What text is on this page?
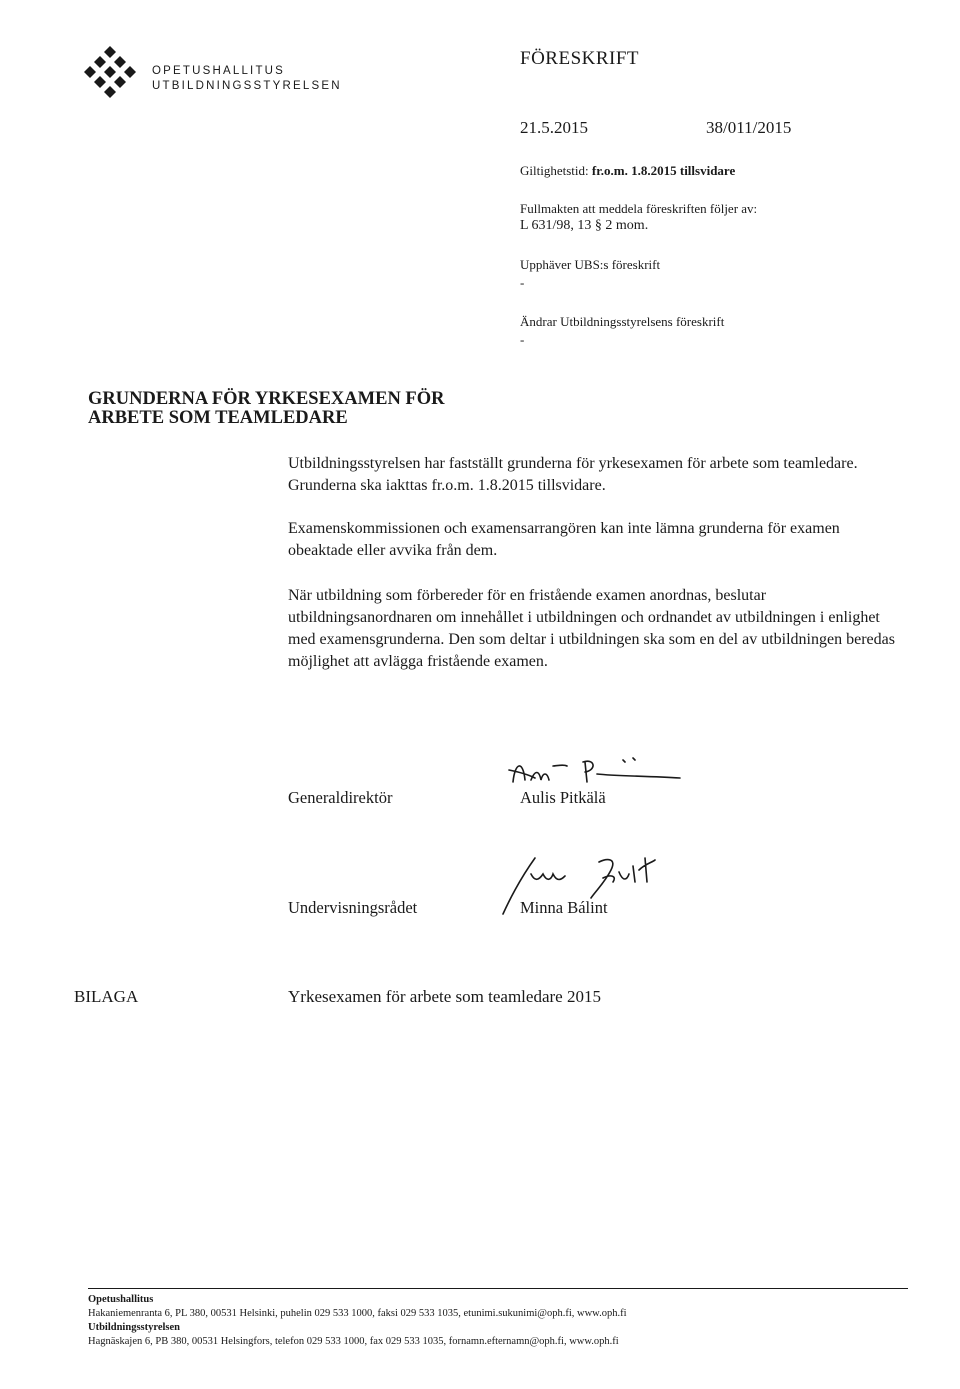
OPETUSHALLITUS
UTBILDNINGSSTYRELSEN
FÖRESKRIFT
21.5.2015	38/011/2015
Giltighetstid: fr.o.m. 1.8.2015 tillsvidare
Fullmakten att meddela föreskriften följer av:
L 631/98, 13 § 2 mom.
Upphäver UBS:s föreskrift
-
Ändrar Utbildningsstyrelsens föreskrift
-
GRUNDERNA FÖR YRKESEXAMEN FÖR
ARBETE SOM TEAMLEDARE
Utbildningsstyrelsen har fastställt grunderna för yrkesexamen för arbete som teamledare. Grunderna ska iakttas fr.o.m. 1.8.2015 tillsvidare.
Examenskommissionen och examensarrangören kan inte lämna grunderna för examen obeaktade eller avvika från dem.
När utbildning som förbereder för en fristående examen anordnas, beslutar utbildningsanordnaren om innehållet i utbildningen och ordnandet av utbildningen i enlighet med examensgrunderna. Den som deltar i utbildningen ska som en del av utbildningen beredas möjlighet att avlägga fristående examen.
Generaldirektör	Aulis Pitkälä
Undervisningsrådet	Minna Bálint
BILAGA	Yrkesexamen för arbete som teamledare 2015
Opetushallitus
Hakaniemenranta 6, PL 380, 00531 Helsinki, puhelin 029 533 1000, faksi 029 533 1035, etunimi.sukunimi@oph.fi, www.oph.fi
Utbildningsstyrelsen
Hagnäskajen 6, PB 380, 00531 Helsingfors, telefon 029 533 1000, fax 029 533 1035, fornamn.efternamn@oph.fi, www.oph.fi
